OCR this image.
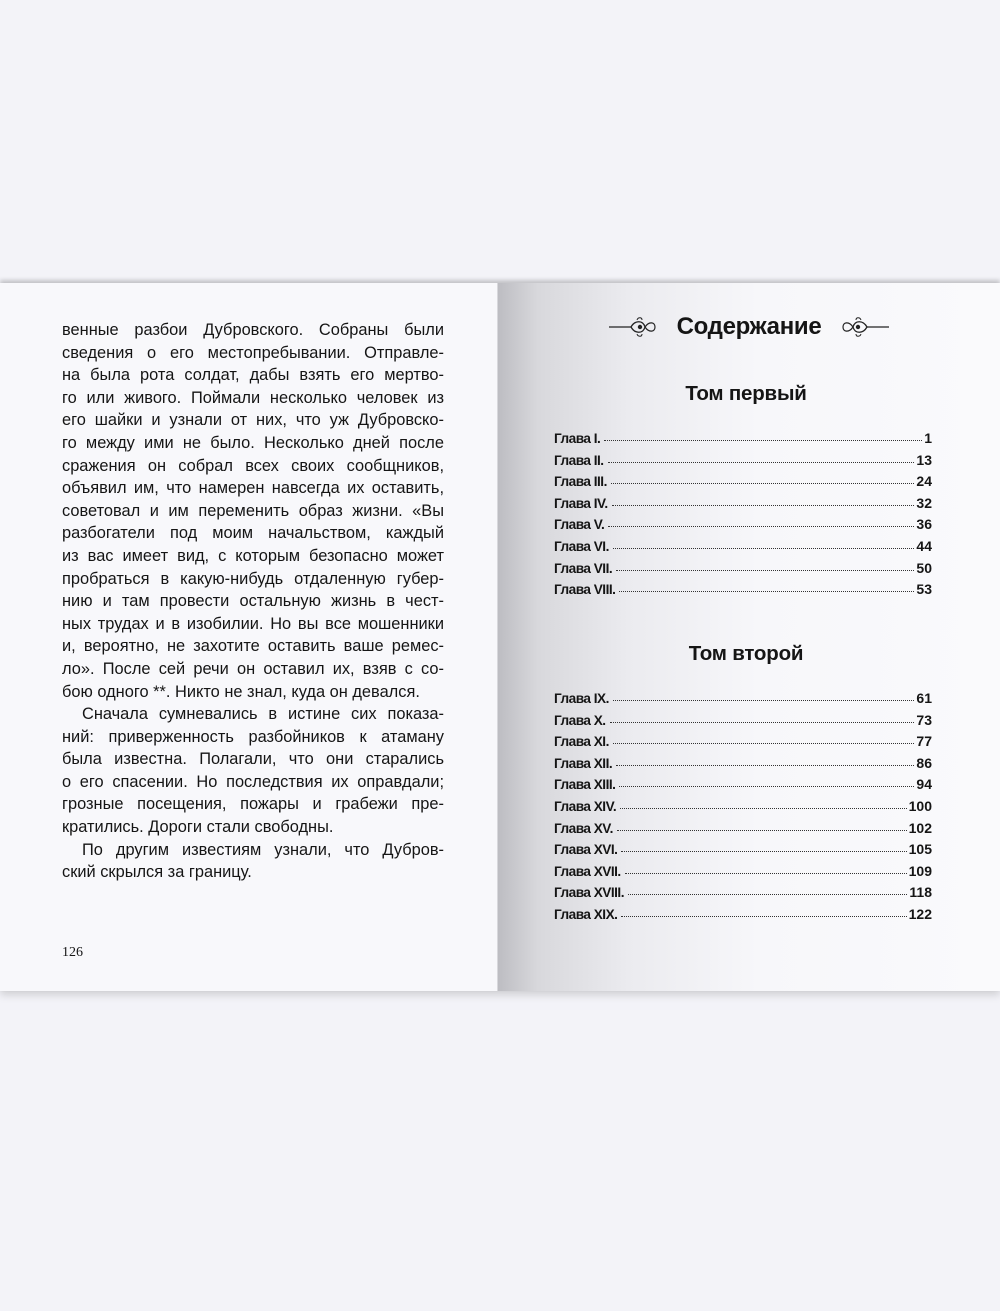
венные разбои Дубровского. Собраны были
сведения о его местопребывании. Отправле-
на была рота солдат, дабы взять его мертво-
го или живого. Поймали несколько человек из
его шайки и узнали от них, что уж Дубровско-
го между ими не было. Несколько дней после
сражения он собрал всех своих сообщников,
объявил им, что намерен навсегда их оставить,
советовал и им переменить образ жизни. «Вы
разбогатели под моим начальством, каждый
из вас имеет вид, с которым безопасно может
пробраться в какую-нибудь отдаленную губер-
нию и там провести остальную жизнь в чест-
ных трудах и в изобилии. Но вы все мошенники
и, вероятно, не захотите оставить ваше ремес-
ло». После сей речи он оставил их, взяв с со-
бою одного **. Никто не знал, куда он девался.

Сначала сумневались в истине сих показа-
ний: приверженность разбойников к атаману
была известна. Полагали, что они старались
о его спасении. Но последствия их оправдали;
грозные посещения, пожары и грабежи пре-
кратились. Дороги стали свободны.

По другим известиям узнали, что Дубров-
ский скрылся за границу.

126
Содержание
Том первый
Глава I.	1
Глава II.	13
Глава III.	24
Глава IV.	32
Глава V.	36
Глава VI.	44
Глава VII.	50
Глава VIII.	53
Том второй
Глава IX.	61
Глава X.	73
Глава XI.	77
Глава XII.	86
Глава XIII.	94
Глава XIV.	100
Глава XV.	102
Глава XVI.	105
Глава XVII.	109
Глава XVIII.	118
Глава XIX.	122
